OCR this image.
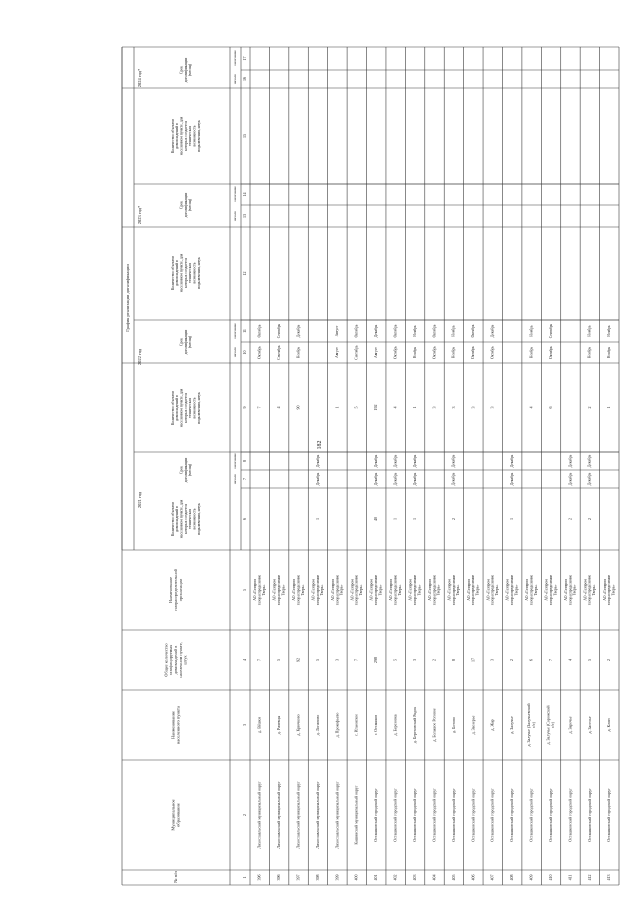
182
№ п/п
Муниципальное образование
Наименование населенного пункта
Общее количество газифицируемых домовладений в населенном пункте, штук
Наименование газораспределительной организации
График реализации догазификации
2021 год
2022 год
2023 год*
2024 год*
Количество объектов домовладений в населенном пункте, для которых создается техническая возможность подключения, штук
Количество объектов домовладений в населенном пункте, для которых создается техническая возможность подключения, штук
Количество объектов домовладений в населенном пункте, для которых создается техническая возможность подключения, штук
Количество объектов домовладений в населенном пункте, для которых создается техническая возможность подключения, штук
Срок догазификации (месяц)
Срок догазификации (месяц)
Срок догазификации (месяц)
Срок догазификации (месяц)
начало
окончание
начало
окончание
начало
окончание
начало
окончание
1
2
3
4
5
6
7
8
9
10
11
12
13
14
15
16
17
396
Лихославльский муниципальный округ
д. Вёшки
7
АО «Газпром газораспределение Тверь»
7
Октябрь
Октябрь
396
Лихославльский муниципальный округ
д. Рачевцы
5
АО «Газпром газораспределение Тверь»
4
Сентябрь
Сентябрь
397
Лихославльский муниципальный округ
д. Крючково
92
АО «Газпром газораспределение Тверь»
90
Ноябрь
Декабрь
398
Лихославльский муниципальный округ
д. Логиново
5
АО «Газпром газораспределение Тверь»
1
Декабрь
Декабрь
399
Лихославльский муниципальный округ
д. Прокофьево
3
АО «Газпром газораспределение Тверь»
1
Август
Август
400
Кашинский муниципальный округ
с. Ильинское
7
АО «Газпром газораспределение Тверь»
5
Сентябрь
Октябрь
401
Осташковский городской округ
г. Осташков
298
АО «Газпром газораспределение Тверь»
40
Декабрь
Декабрь
192
Август
Декабрь
402
Осташковский городской округ
д. Березовка
5
АО «Газпром газораспределение Тверь»
1
Декабрь
Декабрь
4
Октябрь
Октябрь
403
Осташковский городской округ
д. Березовский Рядок
3
АО «Газпром газораспределение Тверь»
1
Декабрь
Декабрь
1
Ноябрь
Ноябрь
404
Осташковский городской округ
д. Большое Роговое
2
АО «Газпром газораспределение Тверь»
3
Октябрь
Октябрь
405
Осташковский городской округ
д. Ботово
8
АО «Газпром газораспределение Тверь»
2
Декабрь
Декабрь
3
Ноябрь
Ноябрь
406
Осташковский городской округ
д. Заозерье
17
АО «Газпром газораспределение Тверь»
3
Октябрь
Октябрь
407
Осташковский городской округ
д. Жар
3
АО «Газпром газораспределение Тверь»
3
Октябрь
Декабрь
408
Осташковский городской округ
д. Залучье
2
АО «Газпром газораспределение Тверь»
1
Декабрь
Декабрь
409
Осташковский городской округ
д. Залучье (Залучьевский с/с)
6
АО «Газпром газораспределение Тверь»
4
Ноябрь
Ноябрь
410
Осташковский городской округ
д. Залучье (Сорожский с/с)
7
АО «Газпром газораспределение Тверь»
6
Октябрь
Сентябрь
411
Осташковский городской округ
д. Заречье
4
АО «Газпром газораспределение Тверь»
2
Декабрь
Декабрь
412
Осташковский городской округ
д. Заселье
5
АО «Газпром газораспределение Тверь»
2
Декабрь
Декабрь
2
Ноябрь
Ноябрь
413
Осташковский городской округ
д. Клин
2
АО «Газпром газораспределение Тверь»
1
Ноябрь
Ноябрь
